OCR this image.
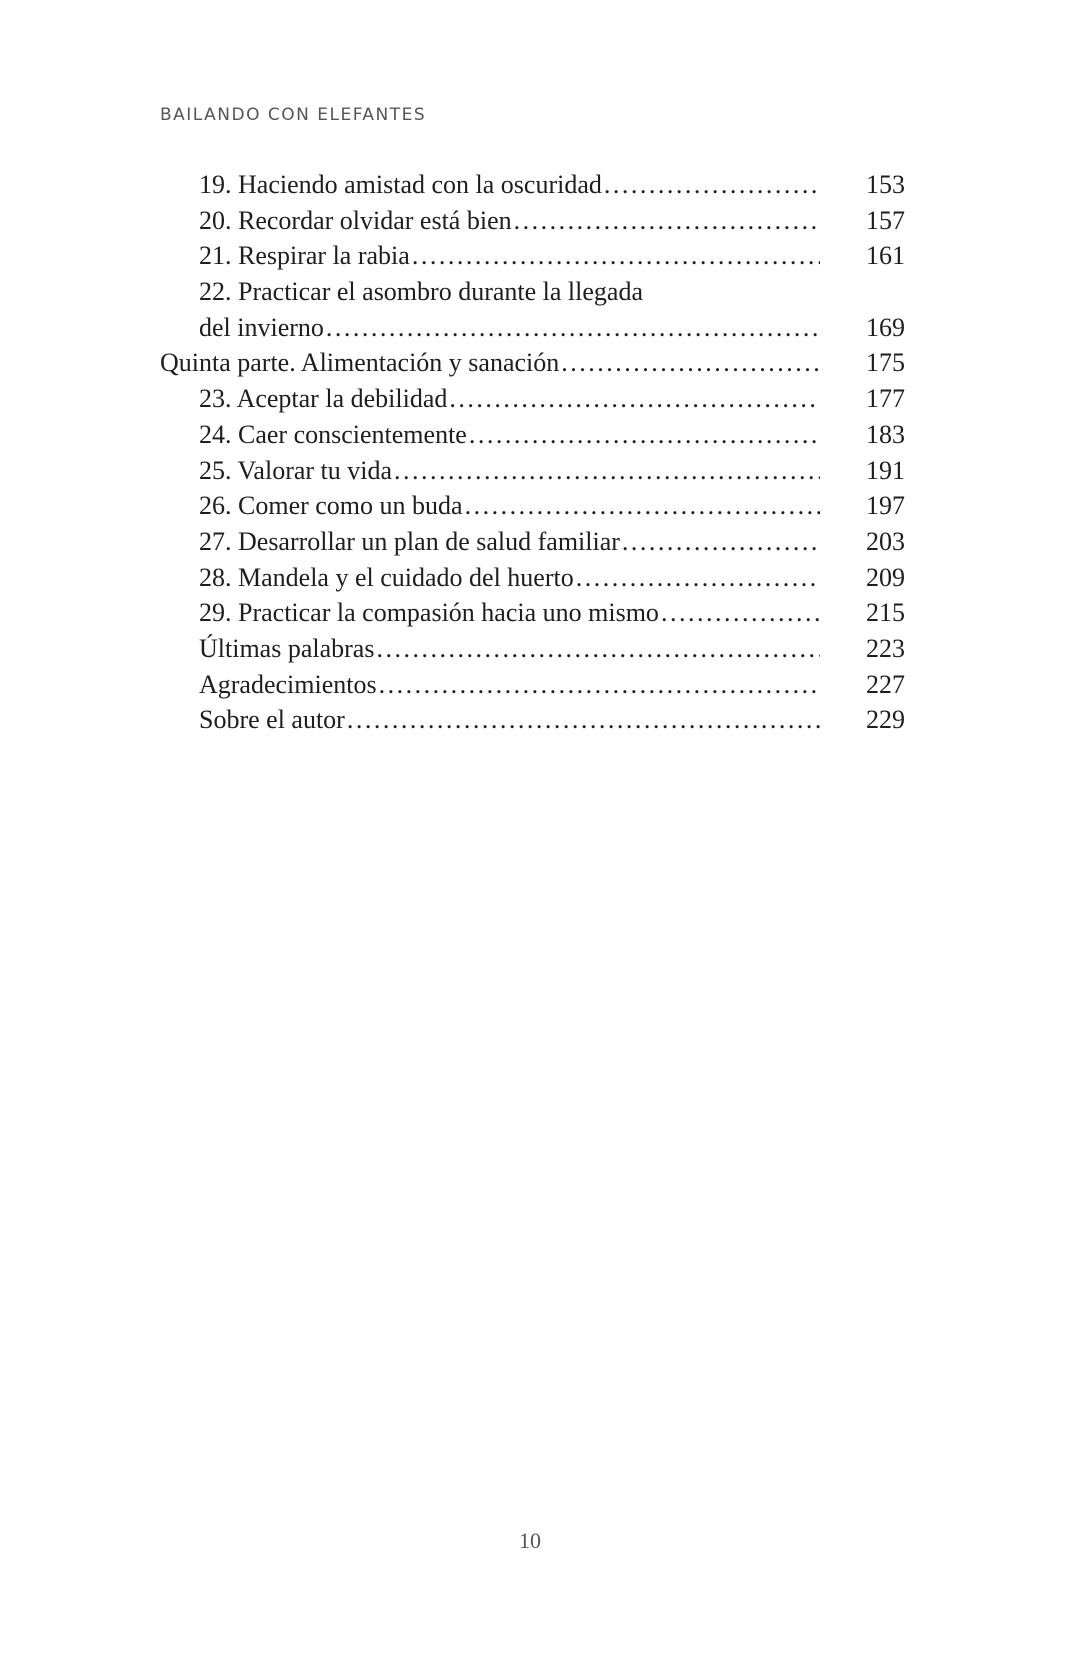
BAILANDO CON ELEFANTES
19. Haciendo amistad con la oscuridad . . .	153
20. Recordar olvidar está bien . . .	157
21. Respirar la rabia . . .	161
22. Practicar el asombro durante la llegada
del invierno . . .	169
Quinta parte. Alimentación y sanación . . .	175
23. Aceptar la debilidad . . .	177
24. Caer conscientemente . . .	183
25. Valorar tu vida . . .	191
26. Comer como un buda . . .	197
27. Desarrollar un plan de salud familiar . . .	203
28. Mandela y el cuidado del huerto . . .	209
29. Practicar la compasión hacia uno mismo . . .	215
Últimas palabras . . .	223
Agradecimientos . . .	227
Sobre el autor . . .	229
10
